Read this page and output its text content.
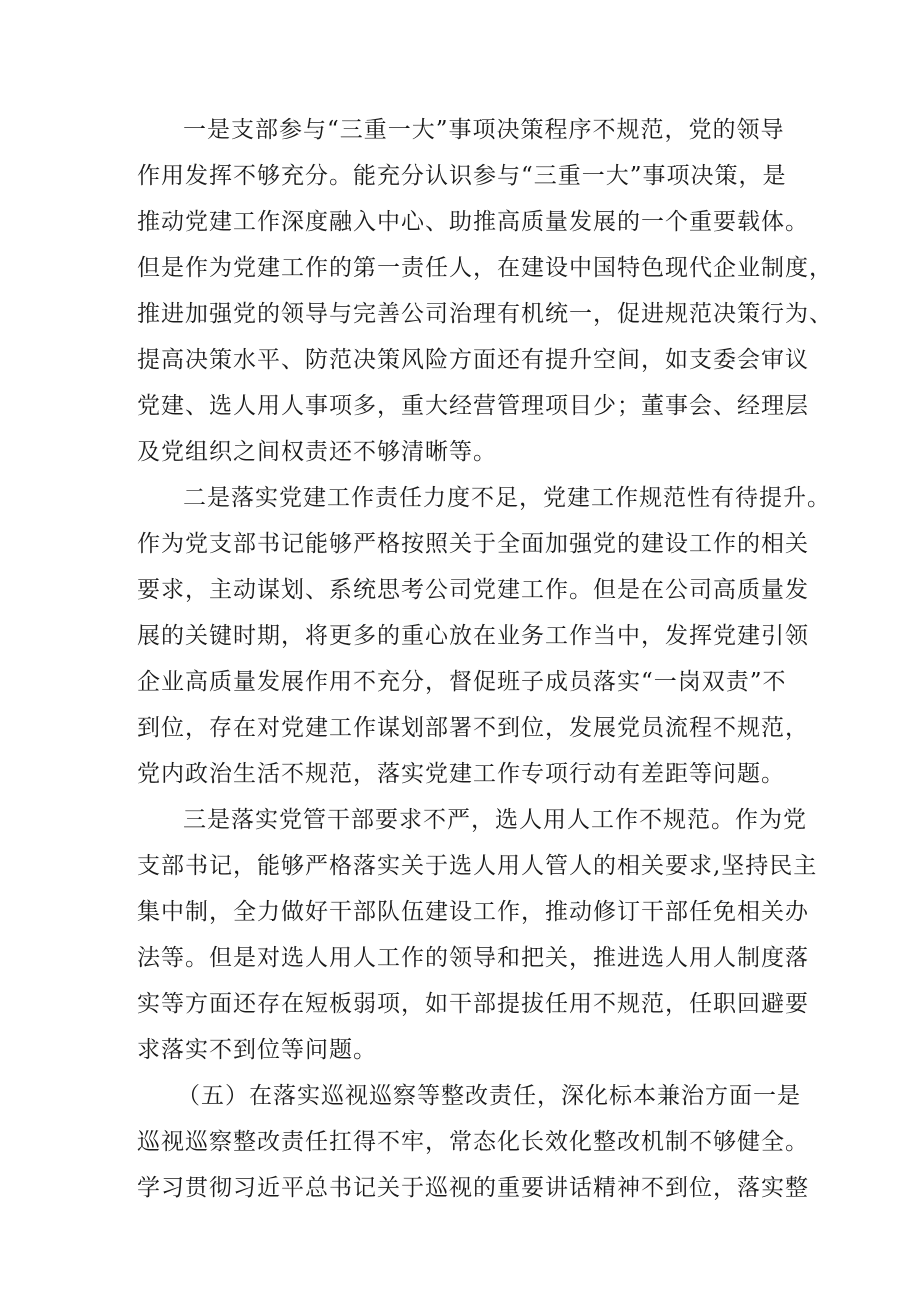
一是支部参与“三重一大”事项决策程序不规范，党的领导
作用发挥不够充分。能充分认识参与“三重一大”事项决策，是
推动党建工作深度融入中心、助推高质量发展的一个重要载体。
但是作为党建工作的第一责任人，在建设中国特色现代企业制度，
推进加强党的领导与完善公司治理有机统一，促进规范决策行为、
提高决策水平、防范决策风险方面还有提升空间，如支委会审议
党建、选人用人事项多，重大经营管理项目少；董事会、经理层
及党组织之间权责还不够清晰等。
二是落实党建工作责任力度不足，党建工作规范性有待提升。
作为党支部书记能够严格按照关于全面加强党的建设工作的相关
要求，主动谋划、系统思考公司党建工作。但是在公司高质量发
展的关键时期，将更多的重心放在业务工作当中，发挥党建引领
企业高质量发展作用不充分，督促班子成员落实“一岗双责”不
到位，存在对党建工作谋划部署不到位，发展党员流程不规范，
党内政治生活不规范，落实党建工作专项行动有差距等问题。
三是落实党管干部要求不严，选人用人工作不规范。作为党
支部书记，能够严格落实关于选人用人管人的相关要求,坚持民主
集中制，全力做好干部队伍建设工作，推动修订干部任免相关办
法等。但是对选人用人工作的领导和把关，推进选人用人制度落
实等方面还存在短板弱项，如干部提拔任用不规范，任职回避要
求落实不到位等问题。
（五）在落实巡视巡察等整改责任，深化标本兼治方面一是
巡视巡察整改责任扛得不牢，常态化长效化整改机制不够健全。
学习贯彻习近平总书记关于巡视的重要讲话精神不到位，落实整
